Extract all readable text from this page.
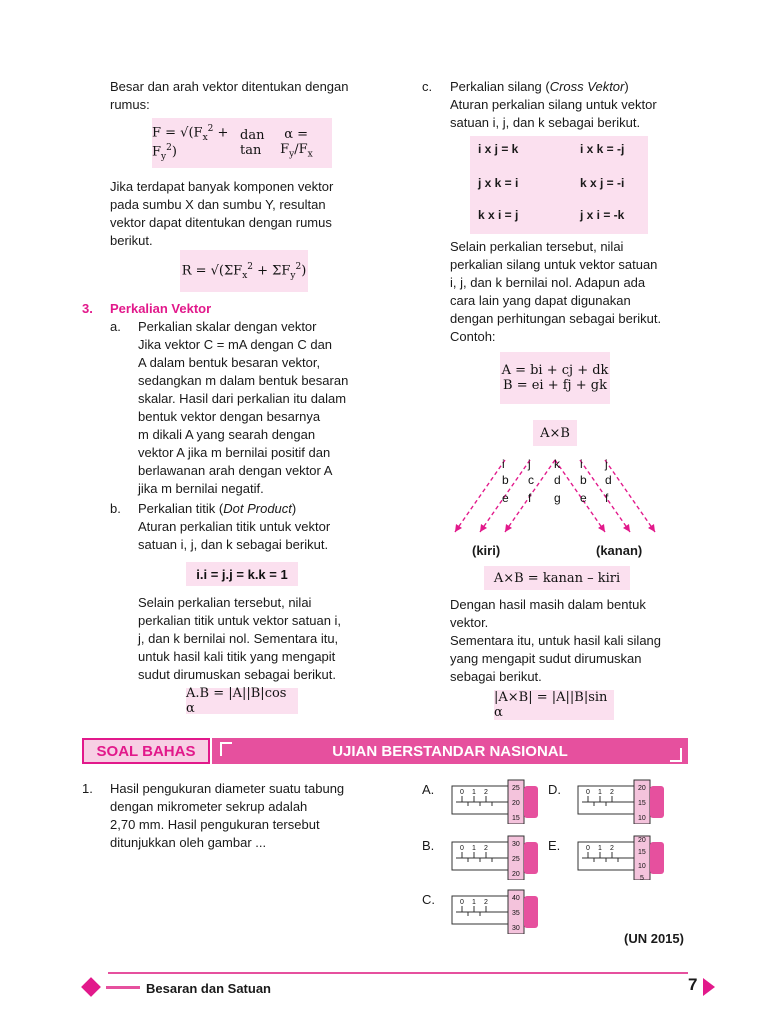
Besar dan arah vektor ditentukan dengan
rumus:
$F = √(F_x^2 + F_y^2)$
dan tan
$\alpha = F_y/F_x$
Jika terdapat banyak komponen vektor
pada sumbu X dan sumbu Y, resultan
vektor dapat ditentukan dengan rumus
berikut.
$R = √(\Sigma F_x^2 + \Sigma F_y^2)$
3. Perkalian Vektor
a. Perkalian skalar dengan vektor
Jika vektor C = mA dengan C dan
A dalam bentuk besaran vektor,
sedangkan m dalam bentuk besaran
skalar. Hasil dari perkalian itu dalam
bentuk vektor dengan besarnya
m dikali A yang searah dengan
vektor A jika m bernilai positif dan
berlawanan arah dengan vektor A
jika m bernilai negatif.
b. Perkalian titik (Dot Product)
Aturan perkalian titik untuk vektor
satuan i, j, dan k sebagai berikut.
i.i = j.j = k.k = 1
Selain perkalian tersebut, nilai
perkalian titik untuk vektor satuan i,
j, dan k bernilai nol. Sementara itu,
untuk hasil kali titik yang mengapit
sudut dirumuskan sebagai berikut.
A.B = |A||B|cos α
c. Perkalian silang (Cross Vektor)
Aturan perkalian silang untuk vektor
satuan i, j, dan k sebagai berikut.
i x j = k	i x k = -j
j x k = i	k x j = -i
k x i = j	j x i = -k
Selain perkalian tersebut, nilai
perkalian silang untuk vektor satuan
i, j, dan k bernilai nol. Adapun ada
cara lain yang dapat digunakan
dengan perhitungan sebagai berikut.
Contoh:
A = bi + cj + dk
B = ei + fj + gk
A×B
i j k i j
b c d b d
e f g e f
(kiri)	(kanan)
A×B = kanan – kiri
Dengan hasil masih dalam bentuk
vektor.
Sementara itu, untuk hasil kali silang
yang mengapit sudut dirumuskan
sebagai berikut.
|A×B| = |A||B|sin α
SOAL BAHAS	UJIAN BERSTANDAR NASIONAL
1. Hasil pengukuran diameter suatu tabung
dengan mikrometer sekrup adalah
2,70 mm. Hasil pengukuran tersebut
ditunjukkan oleh gambar ...
A.	D.
B.	E.
C.
0 1 2
25
20
15
0 1 2
20
15
10
0 1 2
30
25
20
0 1 2
20
15
10
5
0 1 2
40
35
30
(UN 2015)
Besaran dan Satuan	7
